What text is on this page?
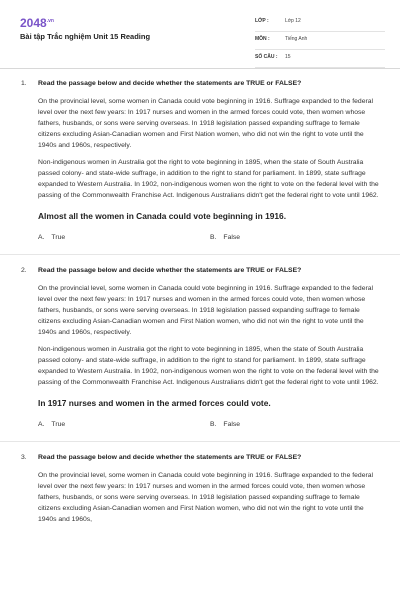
$2048^{.vn}$
Bài tập Trắc nghiệm Unit 15 Reading
LỚP :	Lớp 12
MÔN :	Tiếng Anh
SỐ CÂU : 15
1. Read the passage below and decide whether the statements are TRUE or FALSE?

On the provincial level, some women in Canada could vote beginning in 1916. Suffrage expanded to the federal level over the next few years: In 1917 nurses and women in the armed forces could vote, then women whose fathers, husbands, or sons were serving overseas. In 1918 legislation passed expanding suffrage to female citizens excluding Asian-Canadian women and First Nation women, who did not win the right to vote until the 1940s and 1960s, respectively.

Non-indigenous women in Australia got the right to vote beginning in 1895, when the state of South Australia passed colony- and state-wide suffrage, in addition to the right to stand for parliament. In 1899, state suffrage expanded to Western Australia. In 1902, non-indigenous women won the right to vote on the federal level with the passing of the Commonwealth Franchise Act. Indigenous Australians didn't get the federal right to vote until 1962.

Almost all the women in Canada could vote beginning in 1916.
A. True	B. False
2. Read the passage below and decide whether the statements are TRUE or FALSE?

On the provincial level, some women in Canada could vote beginning in 1916. Suffrage expanded to the federal level over the next few years: In 1917 nurses and women in the armed forces could vote, then women whose fathers, husbands, or sons were serving overseas. In 1918 legislation passed expanding suffrage to female citizens excluding Asian-Canadian women and First Nation women, who did not win the right to vote until the 1940s and 1960s, respectively.

Non-indigenous women in Australia got the right to vote beginning in 1895, when the state of South Australia passed colony- and state-wide suffrage, in addition to the right to stand for parliament. In 1899, state suffrage expanded to Western Australia. In 1902, non-indigenous women won the right to vote on the federal level with the passing of the Commonwealth Franchise Act. Indigenous Australians didn't get the federal right to vote until 1962.

In 1917 nurses and women in the armed forces could vote.
A. True	B. False
3. Read the passage below and decide whether the statements are TRUE or FALSE?

On the provincial level, some women in Canada could vote beginning in 1916. Suffrage expanded to the federal level over the next few years: In 1917 nurses and women in the armed forces could vote, then women whose fathers, husbands, or sons were serving overseas. In 1918 legislation passed expanding suffrage to female citizens excluding Asian-Canadian women and First Nation women, who did not win the right to vote until the 1940s and 1960s,
